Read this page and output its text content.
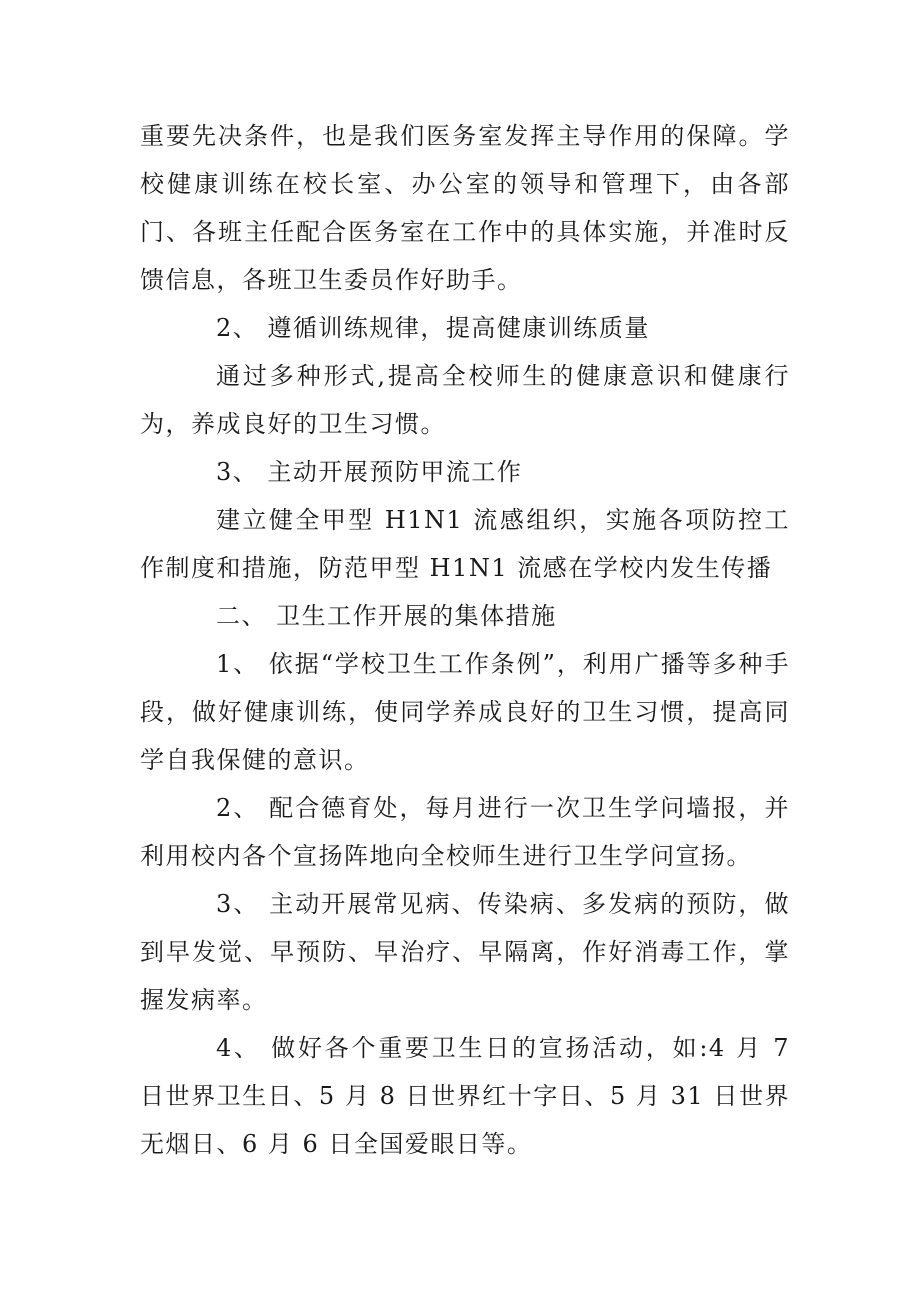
重要先决条件，也是我们医务室发挥主导作用的保障。学校健康训练在校长室、办公室的领导和管理下，由各部门、各班主任配合医务室在工作中的具体实施，并准时反馈信息，各班卫生委员作好助手。

2、 遵循训练规律，提高健康训练质量

通过多种形式,提高全校师生的健康意识和健康行为，养成良好的卫生习惯。

3、 主动开展预防甲流工作

建立健全甲型 H1N1 流感组织，实施各项防控工作制度和措施，防范甲型 H1N1 流感在学校内发生传播

二、 卫生工作开展的集体措施

1、 依据“学校卫生工作条例”，利用广播等多种手段，做好健康训练，使同学养成良好的卫生习惯，提高同学自我保健的意识。

2、 配合德育处，每月进行一次卫生学问墙报，并利用校内各个宣扬阵地向全校师生进行卫生学问宣扬。

3、 主动开展常见病、传染病、多发病的预防，做到早发觉、早预防、早治疗、早隔离，作好消毒工作，掌握发病率。

4、 做好各个重要卫生日的宣扬活动，如:4 月 7 日世界卫生日、5 月 8 日世界红十字日、5 月 31 日世界无烟日、6 月 6 日全国爱眼日等。
